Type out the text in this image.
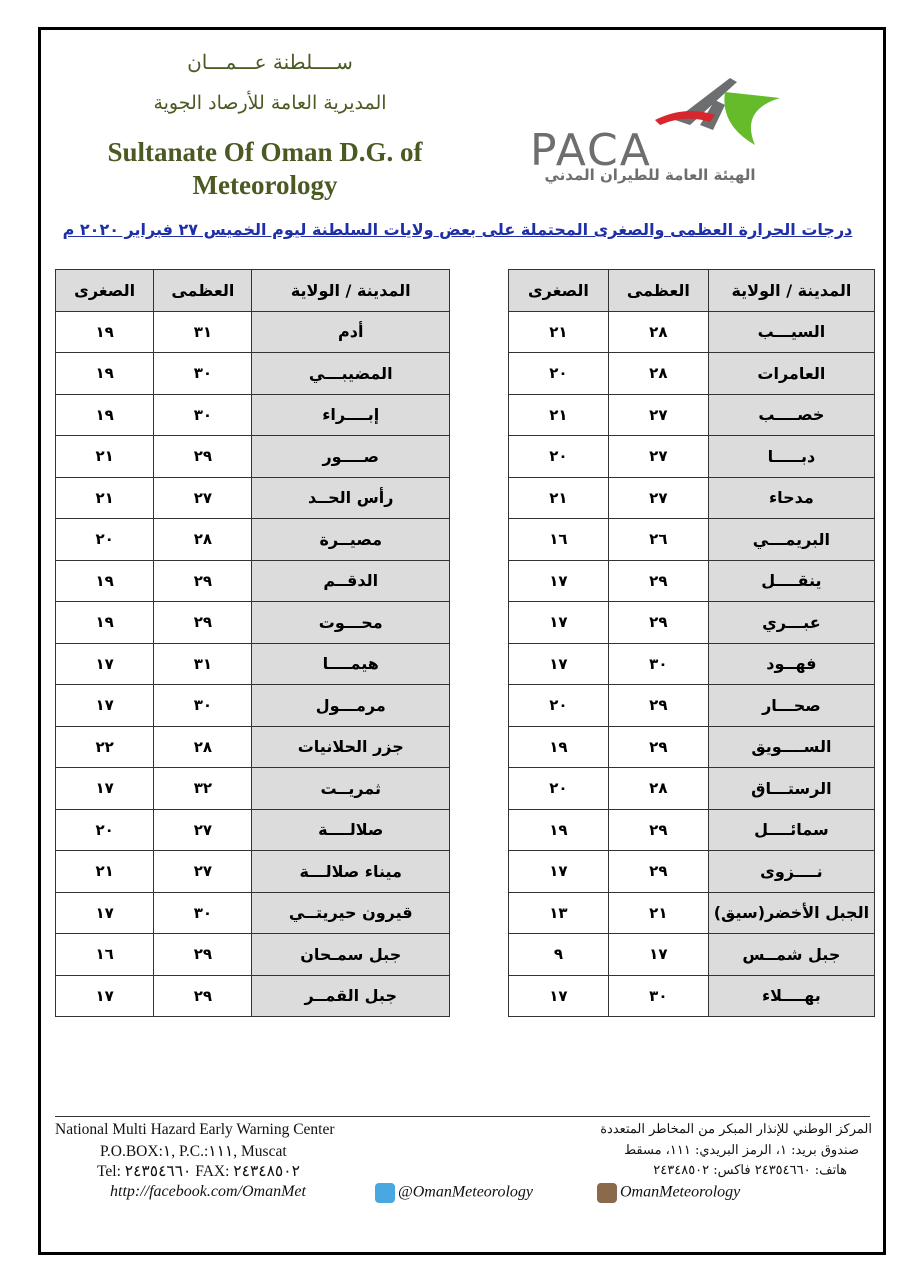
ســــلطنة عـــمـــان
المديرية العامة للأرصاد الجوية
Sultanate Of Oman D.G. of
Meteorology
PACA
الهيئة العامة للطيران المدني
درجات الحرارة العظمى والصغرى المحتملة على بعض ولايات السلطنة ليوم الخميس ٢٧ فبراير ٢٠٢٠ م
المدينة / الولاية	العظمى	الصغرى
السيـــب	٢٨	٢١
العامرات	٢٨	٢٠
خصــــب	٢٧	٢١
دبـــــا	٢٧	٢٠
مدحاء	٢٧	٢١
البريمـــي	٢٦	١٦
ينقــــل	٢٩	١٧
عبـــري	٢٩	١٧
فهــود	٣٠	١٧
صحـــار	٢٩	٢٠
الســــويق	٢٩	١٩
الرستـــاق	٢٨	٢٠
سمائــــل	٢٩	١٩
نــــزوى	٢٩	١٧
الجبل الأخضر(سيق)	٢١	١٣
جبل شمــس	١٧	٩
بهــــلاء	٣٠	١٧
المدينة / الولاية	العظمى	الصغرى
أدم	٣١	١٩
المضيبـــي	٣٠	١٩
إبــــراء	٣٠	١٩
صــــور	٢٩	٢١
رأس الحــد	٢٧	٢١
مصيــرة	٢٨	٢٠
الدقــم	٢٩	١٩
محـــوت	٢٩	١٩
هيمــــا	٣١	١٧
مرمـــول	٣٠	١٧
جزر الحلانيات	٢٨	٢٢
ثمريــت	٣٢	١٧
صلالــــة	٢٧	٢٠
ميناء صلالـــة	٢٧	٢١
قيرون حيريتــي	٣٠	١٧
جبل سمـحان	٢٩	١٦
جبل القمــر	٢٩	١٧
National Multi Hazard Early Warning Center
P.O.BOX:١, P.C.:١١١, Muscat
Tel: ٢٤٣٥٤٦٦٠ FAX: ٢٤٣٤٨٥٠٢
المركز الوطني للإنذار المبكر من المخاطر المتعددة
صندوق بريد: ١، الرمز البريدي: ١١١، مسقط
هاتف: ٢٤٣٥٤٦٦٠ فاكس: ٢٤٣٤٨٥٠٢
http://facebook.com/OmanMet	@OmanMeteorology	OmanMeteorology
